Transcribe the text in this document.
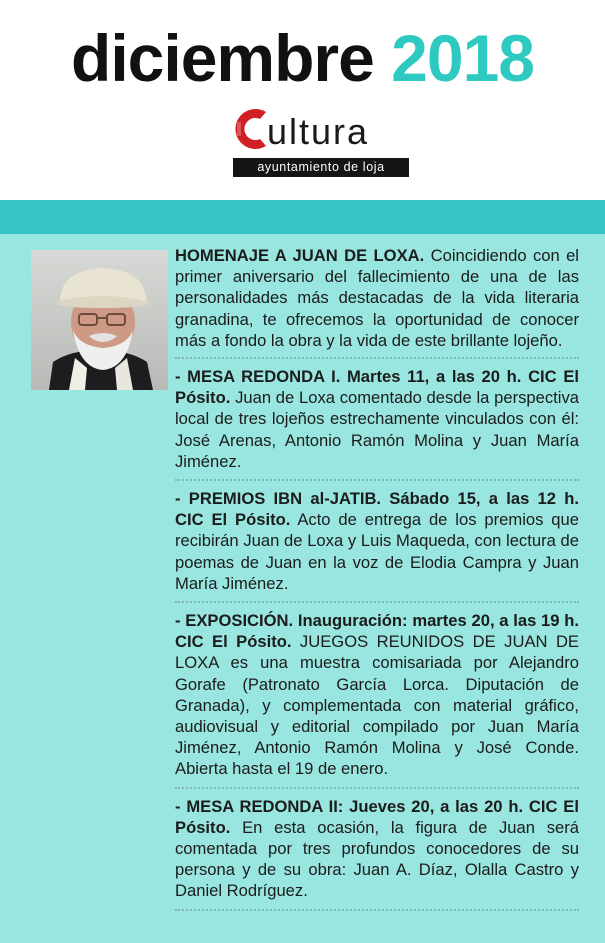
diciembre 2018
ultura
ayuntamiento de loja

HOMENAJE A JUAN DE LOXA. Coincidiendo con el primer aniversario del fallecimiento de una de las personalidades más destacadas de la vida literaria granadina, te ofrecemos la oportunidad de conocer más a fondo la obra y la vida de este brillante lojeño.

- MESA REDONDA I. Martes 11, a las 20 h. CIC El Pósito. Juan de Loxa comentado desde la perspectiva local de tres lojeños estrechamente vinculados con él: José Arenas, Antonio Ramón Molina y Juan María Jiménez.

- PREMIOS IBN al-JATIB. Sábado 15, a las 12 h. CIC El Pósito. Acto de entrega de los premios que recibirán Juan de Loxa y Luis Maqueda, con lectura de poemas de Juan en la voz de Elodia Campra y Juan María Jiménez.

- EXPOSICIÓN. Inauguración: martes 20, a las 19 h. CIC El Pósito. JUEGOS REUNIDOS DE JUAN DE LOXA es una muestra comisariada por Alejandro Gorafe (Patronato García Lorca. Diputación de Granada), y complementada con material gráfico, audiovisual y editorial compilado por Juan María Jiménez, Antonio Ramón Molina y José Conde. Abierta hasta el 19 de enero.

- MESA REDONDA II: Jueves 20, a las 20 h. CIC El Pósito. En esta ocasión, la figura de Juan será comentada por tres profundos conocedores de su persona y de su obra: Juan A. Díaz, Olalla Castro y Daniel Rodríguez.
